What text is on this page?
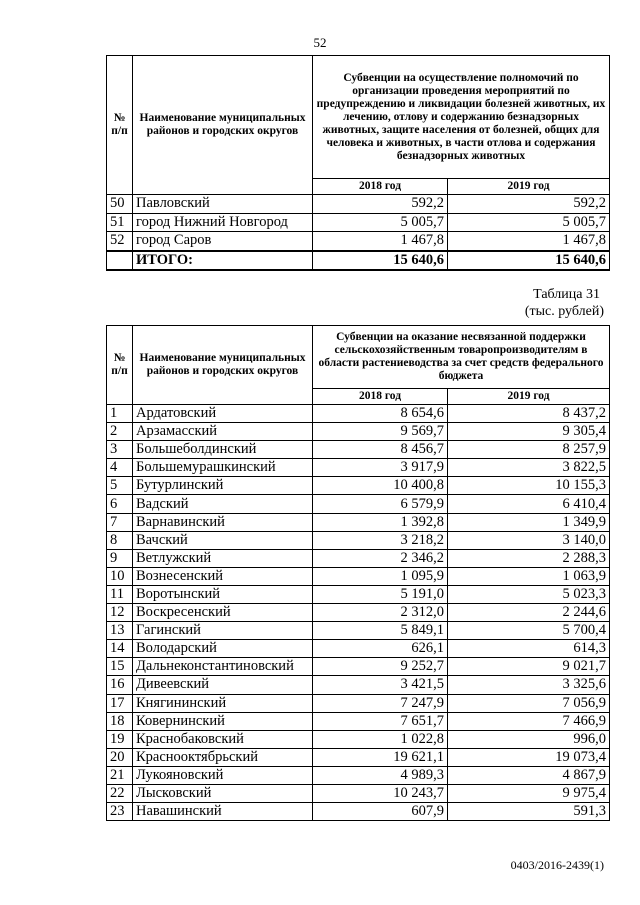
52
№ п/п	Наименование муниципальных районов и городских округов	Субвенции на осуществление полномочий по организации проведения мероприятий по предупреждению и ликвидации болезней животных, их лечению, отлову и содержанию безнадзорных животных, защите населения от болезней, общих для человека и животных, в части отлова и содержания безнадзорных животных	
		2018 год	2019 год
50	Павловский	592,2	592,2
51	город Нижний Новгород	5 005,7	5 005,7
52	город Саров	1 467,8	1 467,8
	ИТОГО:	15 640,6	15 640,6
Таблица 31
(тыс. рублей)
№ п/п	Наименование муниципальных районов и городских округов	Субвенции на оказание несвязанной поддержки сельскохозяйственным товаропроизводителям в области растениеводства за счет средств федерального бюджета	
		2018 год	2019 год
1	Ардатовский	8 654,6	8 437,2
2	Арзамасский	9 569,7	9 305,4
3	Большеболдинский	8 456,7	8 257,9
4	Большемурашкинский	3 917,9	3 822,5
5	Бутурлинский	10 400,8	10 155,3
6	Вадский	6 579,9	6 410,4
7	Варнавинский	1 392,8	1 349,9
8	Вачский	3 218,2	3 140,0
9	Ветлужский	2 346,2	2 288,3
10	Вознесенский	1 095,9	1 063,9
11	Воротынский	5 191,0	5 023,3
12	Воскресенский	2 312,0	2 244,6
13	Гагинский	5 849,1	5 700,4
14	Володарский	626,1	614,3
15	Дальнеконстантиновский	9 252,7	9 021,7
16	Дивеевский	3 421,5	3 325,6
17	Княгининский	7 247,9	7 056,9
18	Ковернинский	7 651,7	7 466,9
19	Краснобаковский	1 022,8	996,0
20	Краснооктябрьский	19 621,1	19 073,4
21	Лукояновский	4 989,3	4 867,9
22	Лысковский	10 243,7	9 975,4
23	Навашинский	607,9	591,3
0403/2016-2439(1)
